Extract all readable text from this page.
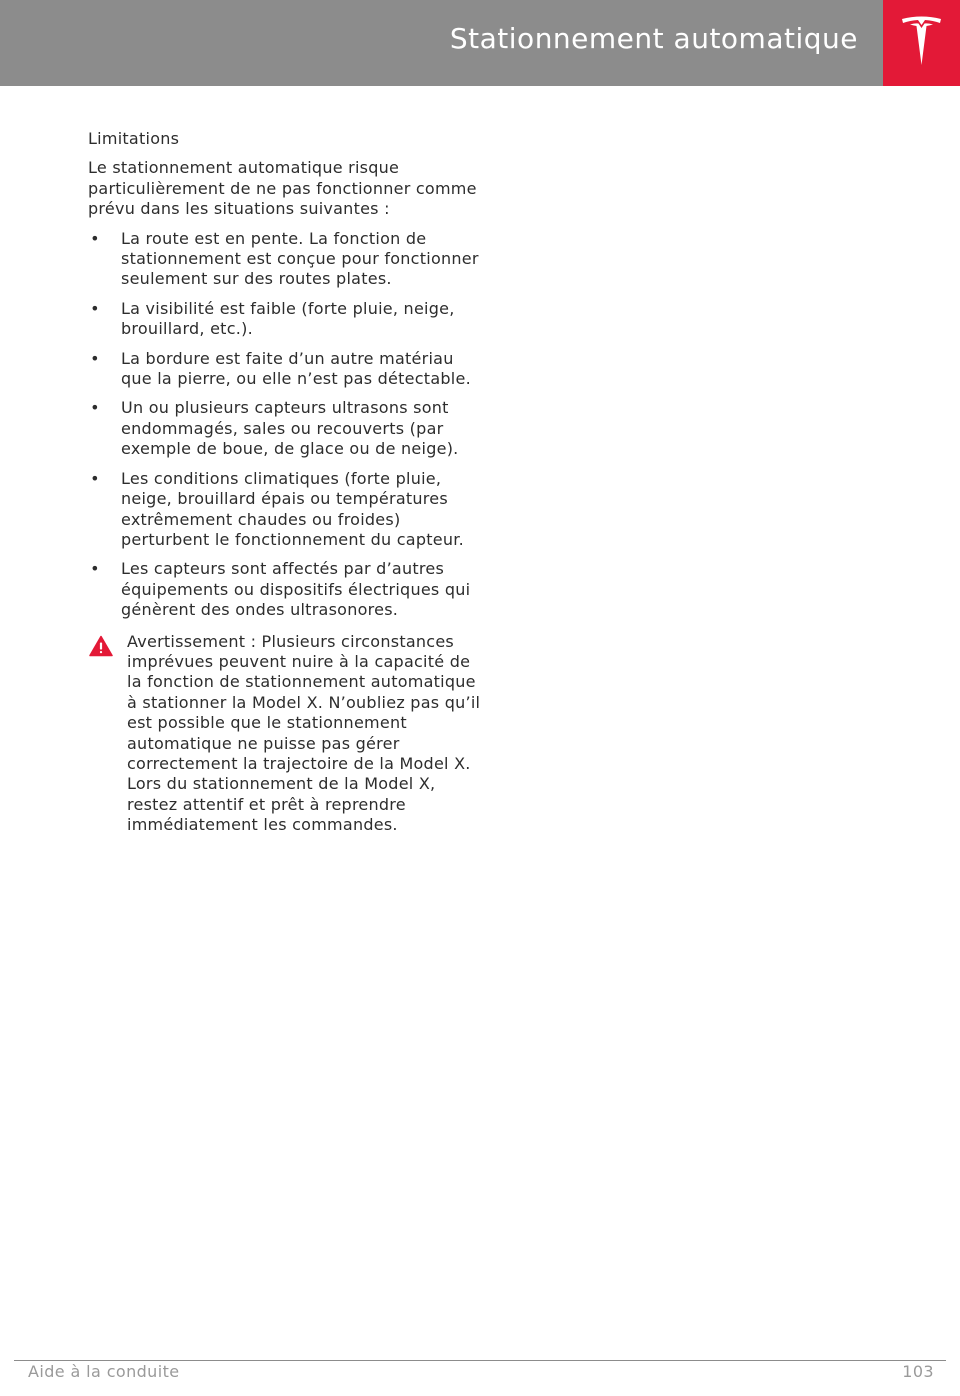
Stationnement automatique
Limitations
Le stationnement automatique risque particulièrement de ne pas fonctionner comme prévu dans les situations suivantes :
• La route est en pente. La fonction de stationnement est conçue pour fonctionner seulement sur des routes plates.
• La visibilité est faible (forte pluie, neige, brouillard, etc.).
• La bordure est faite d’un autre matériau que la pierre, ou elle n’est pas détectable.
• Un ou plusieurs capteurs ultrasons sont endommagés, sales ou recouverts (par exemple de boue, de glace ou de neige).
• Les conditions climatiques (forte pluie, neige, brouillard épais ou températures extrêmement chaudes ou froides) perturbent le fonctionnement du capteur.
• Les capteurs sont affectés par d’autres équipements ou dispositifs électriques qui génèrent des ondes ultrasonores.
Avertissement : Plusieurs circonstances imprévues peuvent nuire à la capacité de la fonction de stationnement automatique à stationner la Model X. N’oubliez pas qu’il est possible que le stationnement automatique ne puisse pas gérer correctement la trajectoire de la Model X. Lors du stationnement de la Model X, restez attentif et prêt à reprendre immédiatement les commandes.
Aide à la conduite	103
